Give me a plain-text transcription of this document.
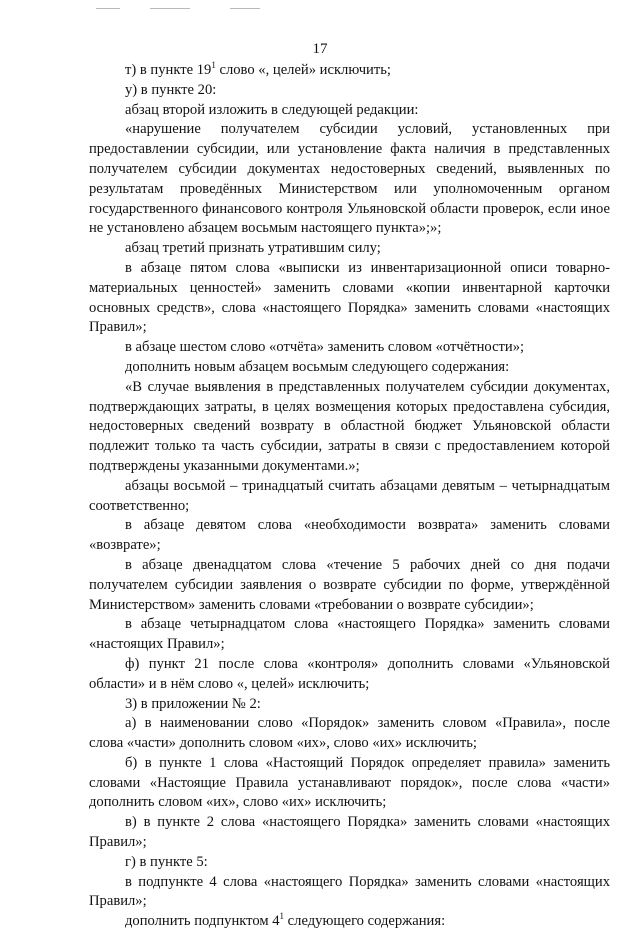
17

т) в пункте $19^1$ слово «, целей» исключить;

у) в пункте 20:

абзац второй изложить в следующей редакции:

«нарушение получателем субсидии условий, установленных при предоставлении субсидии, или установление факта наличия в представленных получателем субсидии документах недостоверных сведений, выявленных по результатам проведённых Министерством или уполномоченным органом государственного финансового контроля Ульяновской области проверок, если иное не установлено абзацем восьмым настоящего пункта»;»;

абзац третий признать утратившим силу;

в абзаце пятом слова «выписки из инвентаризационной описи товарно-материальных ценностей» заменить словами «копии инвентарной карточки основных средств», слова «настоящего Порядка» заменить словами «настоящих Правил»;

в абзаце шестом слово «отчёта» заменить словом «отчётности»;

дополнить новым абзацем восьмым следующего содержания:

«В случае выявления в представленных получателем субсидии документах, подтверждающих затраты, в целях возмещения которых предоставлена субсидия, недостоверных сведений возврату в областной бюджет Ульяновской области подлежит только та часть субсидии, затраты в связи с предоставлением которой подтверждены указанными документами.»;

абзацы восьмой – тринадцатый считать абзацами девятым – четырнадцатым соответственно;

в абзаце девятом слова «необходимости возврата» заменить словами «возврате»;

в абзаце двенадцатом слова «течение 5 рабочих дней со дня подачи получателем субсидии заявления о возврате субсидии по форме, утверждённой Министерством» заменить словами «требовании о возврате субсидии»;

в абзаце четырнадцатом слова «настоящего Порядка» заменить словами «настоящих Правил»;

ф) пункт 21 после слова «контроля» дополнить словами «Ульяновской области» и в нём слово «, целей» исключить;

3) в приложении № 2:

а) в наименовании слово «Порядок» заменить словом «Правила», после слова «части» дополнить словом «их», слово «их» исключить;

б) в пункте 1 слова «Настоящий Порядок определяет правила» заменить словами «Настоящие Правила устанавливают порядок», после слова «части» дополнить словом «их», слово «их» исключить;

в) в пункте 2 слова «настоящего Порядка» заменить словами «настоящих Правил»;

г) в пункте 5:

в подпункте 4 слова «настоящего Порядка» заменить словами «настоящих Правил»;

дополнить подпунктом $4^1$ следующего содержания:
